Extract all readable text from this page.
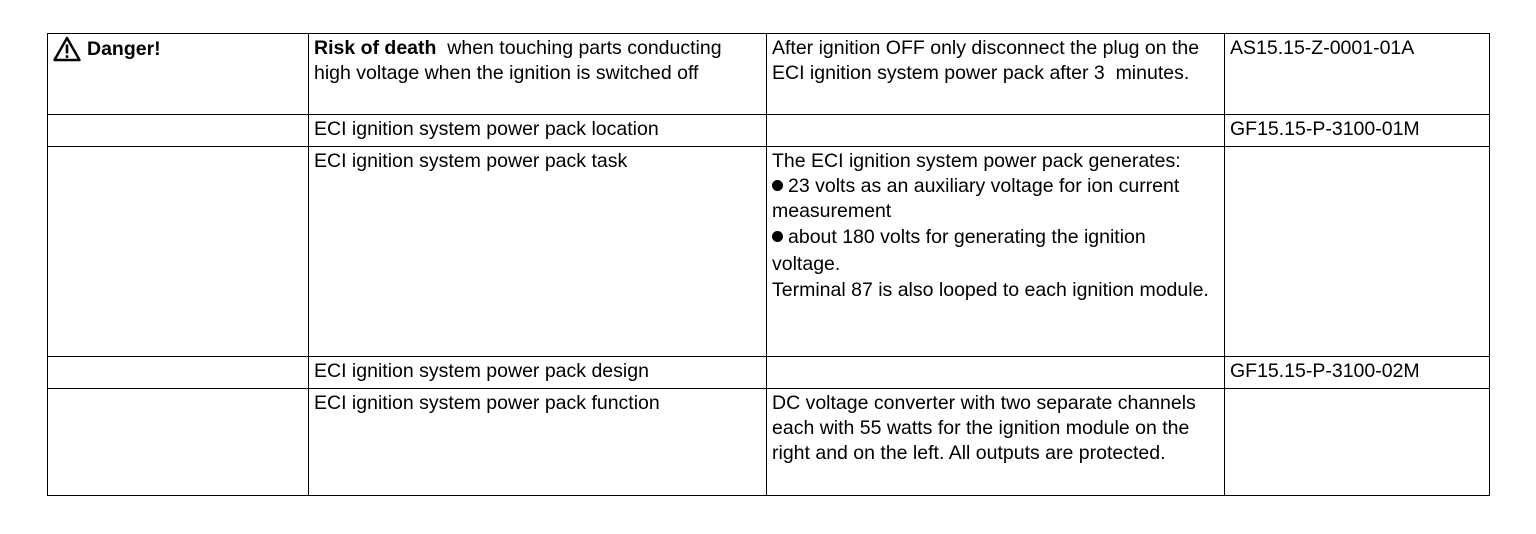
Danger!	Risk of death  when touching parts conducting high voltage when the ignition is switched off	After ignition OFF only disconnect the plug on the ECI ignition system power pack after 3  minutes.	AS15.15-Z-0001-01A
	ECI ignition system power pack location		GF15.15-P-3100-01M
	ECI ignition system power pack task	The ECI ignition system power pack generates:
23 volts as an auxiliary voltage for ion current measurement
about 180 volts for generating the ignition voltage.
Terminal 87 is also looped to each ignition module.	

	ECI ignition system power pack design		GF15.15-P-3100-02M
	ECI ignition system power pack function	DC voltage converter with two separate channels each with 55 watts for the ignition module on the right and on the left. All outputs are protected.	
